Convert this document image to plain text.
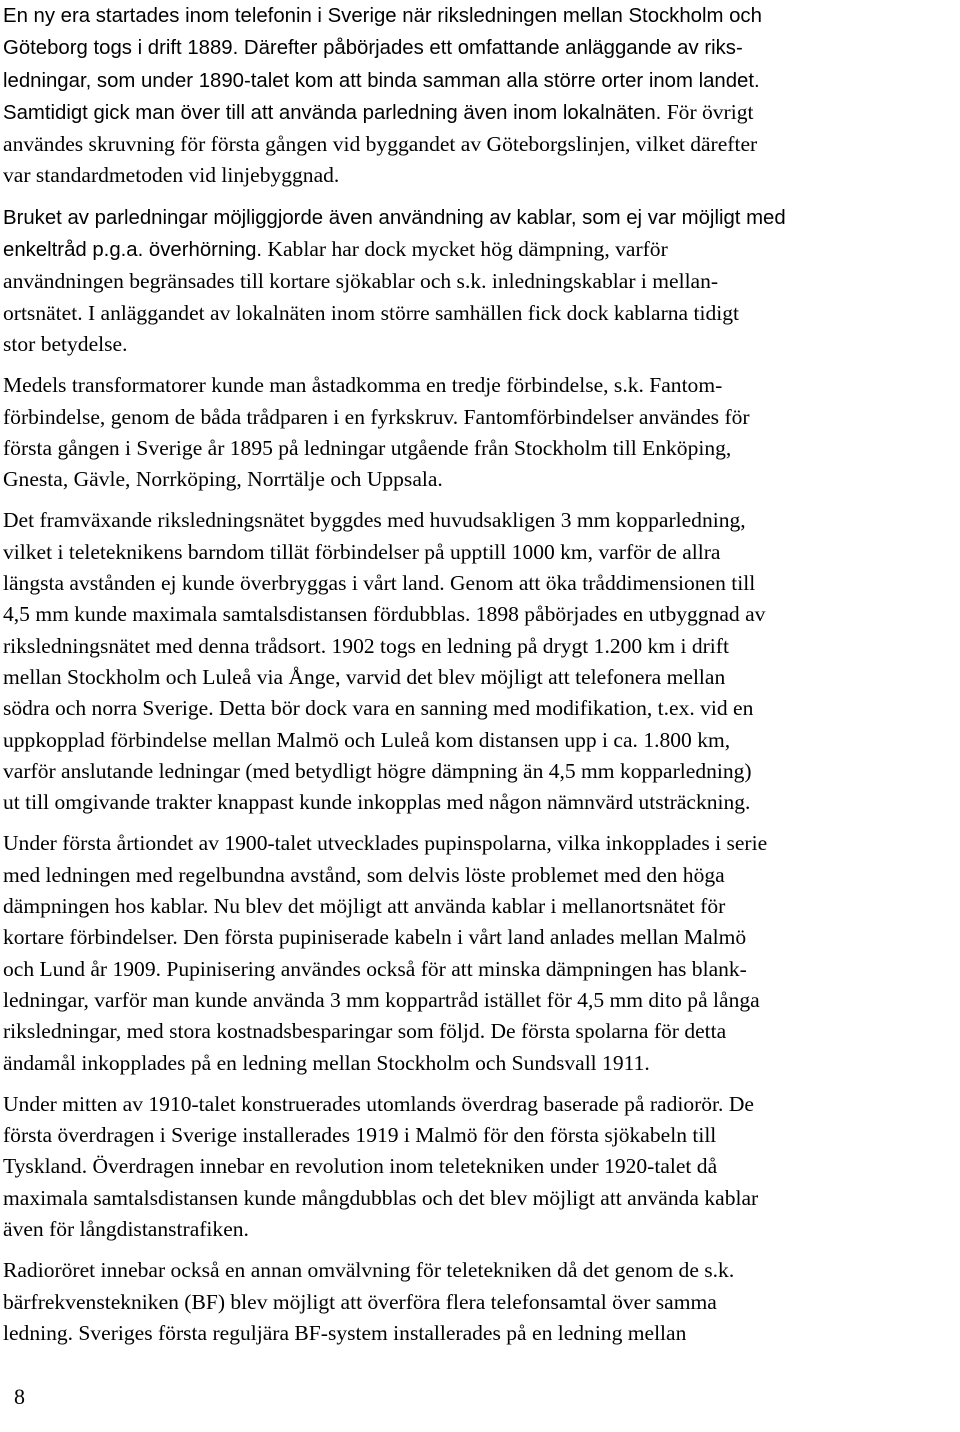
En ny era startades inom telefonin i Sverige när riksledningen mellan Stockholm och
Göteborg togs i drift 1889. Därefter påbörjades ett omfattande anläggande av riks-
ledningar, som under 1890-talet kom att binda samman alla större orter inom landet.
Samtidigt gick man över till att använda parledning även inom lokalnäten. För övrigt
användes skruvning för första gången vid byggandet av Göteborgslinjen, vilket därefter
var standardmetoden vid linjebyggnad.
Bruket av parledningar möjliggjorde även användning av kablar, som ej var möjligt med
enkeltråd p.g.a. överhörning. Kablar har dock mycket hög dämpning, varför
användningen begränsades till kortare sjökablar och s.k. inledningskablar i mellan-
ortsnätet. I anläggandet av lokalnäten inom större samhällen fick dock kablarna tidigt
stor betydelse.
Medels transformatorer kunde man åstadkomma en tredje förbindelse, s.k. Fantom-
förbindelse, genom de båda trådparen i en fyrkskruv. Fantomförbindelser användes för
första gången i Sverige år 1895 på ledningar utgående från Stockholm till Enköping,
Gnesta, Gävle, Norrköping, Norrtälje och Uppsala.
Det framväxande riksledningsnätet byggdes med huvudsakligen 3 mm kopparledning,
vilket i teleteknikens barndom tillät förbindelser på upptill 1000 km, varför de allra
längsta avstånden ej kunde överbryggas i vårt land. Genom att öka tråddimensionen till
4,5 mm kunde maximala samtalsdistansen fördubblas. 1898 påbörjades en utbyggnad av
riksledningsnätet med denna trådsort. 1902 togs en ledning på drygt 1.200 km i drift
mellan Stockholm och Luleå via Ånge, varvid det blev möjligt att telefonera mellan
södra och norra Sverige. Detta bör dock vara en sanning med modifikation, t.ex. vid en
uppkopplad förbindelse mellan Malmö och Luleå kom distansen upp i ca. 1.800 km,
varför anslutande ledningar (med betydligt högre dämpning än 4,5 mm kopparledning)
ut till omgivande trakter knappast kunde inkopplas med någon nämnvärd utsträckning.
Under första årtiondet av 1900-talet utvecklades pupinspolarna, vilka inkopplades i serie
med ledningen med regelbundna avstånd, som delvis löste problemet med den höga
dämpningen hos kablar. Nu blev det möjligt att använda kablar i mellanortsnätet för
kortare förbindelser. Den första pupiniserade kabeln i vårt land anlades mellan Malmö
och Lund år 1909. Pupinisering användes också för att minska dämpningen has blank-
ledningar, varför man kunde använda 3 mm koppartråd istället för 4,5 mm dito på långa
riksledningar, med stora kostnadsbesparingar som följd. De första spolarna för detta
ändamål inkopplades på en ledning mellan Stockholm och Sundsvall 1911.
Under mitten av 1910-talet konstruerades utomlands överdrag baserade på radiorör. De
första överdragen i Sverige installerades 1919 i Malmö för den första sjökabeln till
Tyskland. Överdragen innebar en revolution inom teletekniken under 1920-talet då
maximala samtalsdistansen kunde mångdubblas och det blev möjligt att använda kablar
även för långdistanstrafiken.
Radioröret innebar också en annan omvälvning för teletekniken då det genom de s.k.
bärfrekvenstekniken (BF) blev möjligt att överföra flera telefonsamtal över samma
ledning. Sveriges första reguljära BF-system installerades på en ledning mellan
8
